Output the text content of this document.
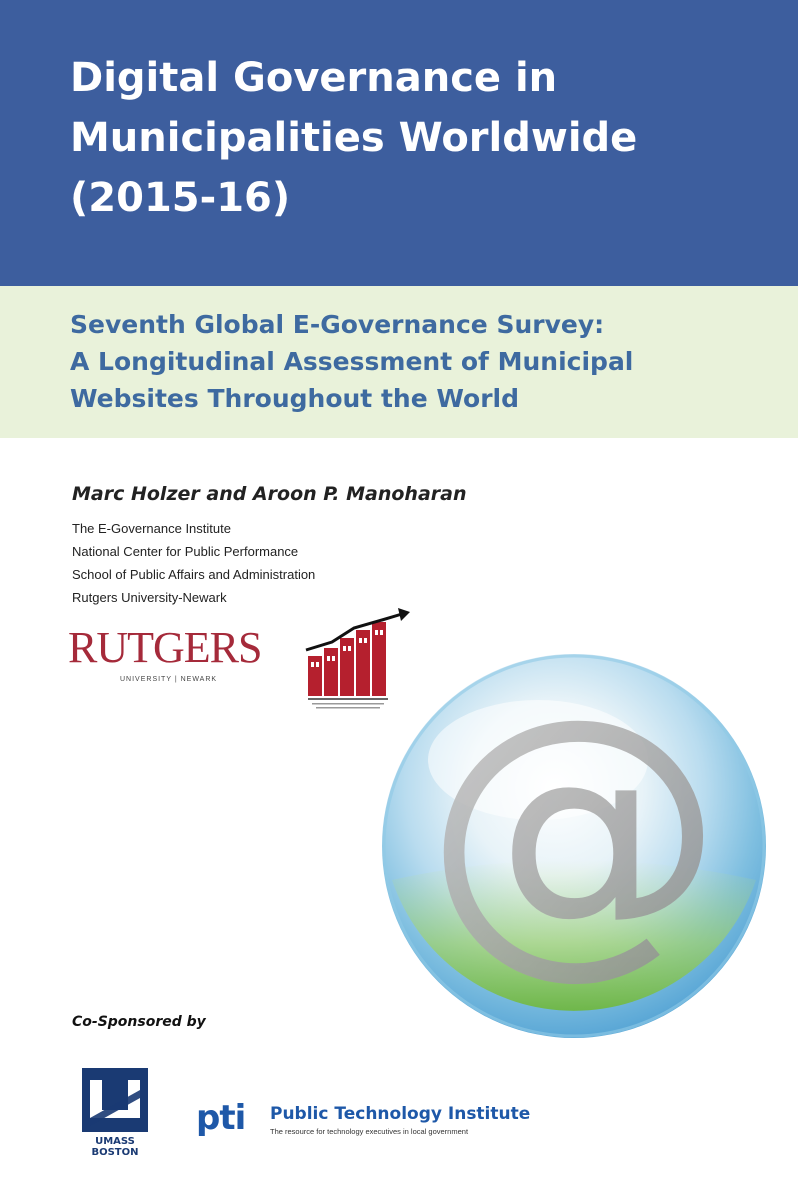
Digital Governance in
Municipalities Worldwide
(2015-16)
Seventh Global E-Governance Survey:
A Longitudinal Assessment of Municipal
Websites Throughout the World
Marc Holzer and Aroon P. Manoharan
The E-Governance Institute
National Center for Public Performance
School of Public Affairs and Administration
Rutgers University-Newark
RUTGERS
UNIVERSITY | NEWARK @
Co-Sponsored by
UMASS
BOSTON
pti Public Technology Institute
The resource for technology executives in local government
